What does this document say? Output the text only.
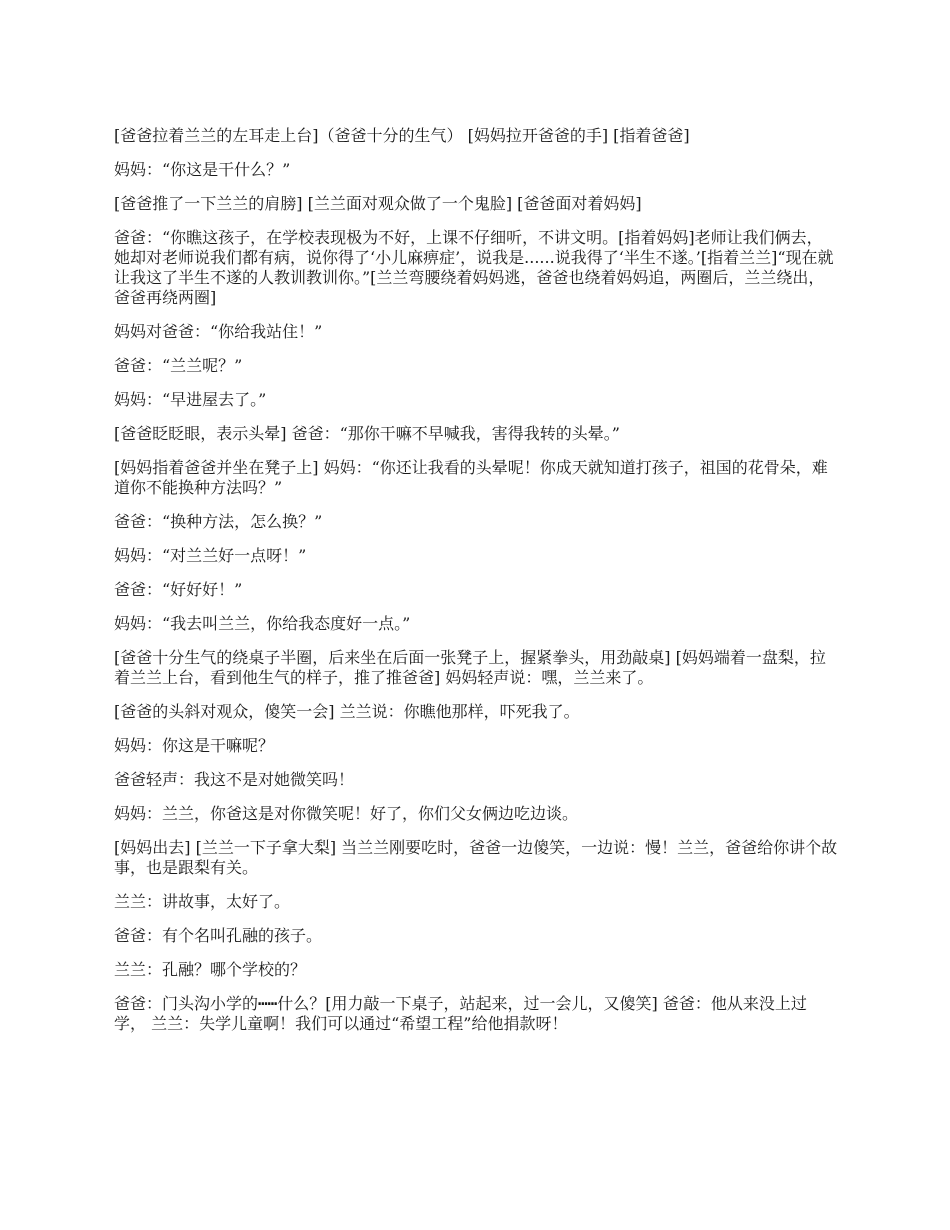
[爸爸拉着兰兰的左耳走上台]（爸爸十分的生气） [妈妈拉开爸爸的手] [指着爸爸]

妈妈：“你这是干什么？”

[爸爸推了一下兰兰的肩膀] [兰兰面对观众做了一个鬼脸] [爸爸面对着妈妈]

爸爸：“你瞧这孩子，在学校表现极为不好，上课不仔细听，不讲文明。[指着妈妈]老师让我们俩去，她却对老师说我们都有病，说你得了‘小儿麻痹症’，说我是......说我得了‘半生不遂。’[指着兰兰]“现在就让我这了半生不遂的人教训教训你。”[兰兰弯腰绕着妈妈逃，爸爸也绕着妈妈追，两圈后，兰兰绕出，爸爸再绕两圈]

妈妈对爸爸：“你给我站住！”

爸爸：“兰兰呢？”

妈妈：“早进屋去了。”

[爸爸眨眨眼，表示头晕] 爸爸：“那你干嘛不早喊我，害得我转的头晕。”

[妈妈指着爸爸并坐在凳子上] 妈妈：“你还让我看的头晕呢！你成天就知道打孩子，祖国的花骨朵，难道你不能换种方法吗？”

爸爸：“换种方法，怎么换？”

妈妈：“对兰兰好一点呀！”

爸爸：“好好好！”

妈妈：“我去叫兰兰，你给我态度好一点。”

[爸爸十分生气的绕桌子半圈，后来坐在后面一张凳子上，握紧拳头，用劲敲桌] [妈妈端着一盘梨，拉着兰兰上台，看到他生气的样子，推了推爸爸] 妈妈轻声说：嘿，兰兰来了。

[爸爸的头斜对观众，傻笑一会] 兰兰说：你瞧他那样，吓死我了。

妈妈：你这是干嘛呢？

爸爸轻声：我这不是对她微笑吗！

妈妈：兰兰，你爸这是对你微笑呢！好了，你们父女俩边吃边谈。

[妈妈出去] [兰兰一下子拿大梨] 当兰兰刚要吃时，爸爸一边傻笑，一边说：慢！兰兰，爸爸给你讲个故事，也是跟梨有关。

兰兰：讲故事，太好了。

爸爸：有个名叫孔融的孩子。

兰兰：孔融？哪个学校的？

爸爸：门头沟小学的┅┅什么？[用力敲一下桌子，站起来，过一会儿，又傻笑] 爸爸：他从来没上过学， 兰兰：失学儿童啊！我们可以通过“希望工程”给他捐款呀！
